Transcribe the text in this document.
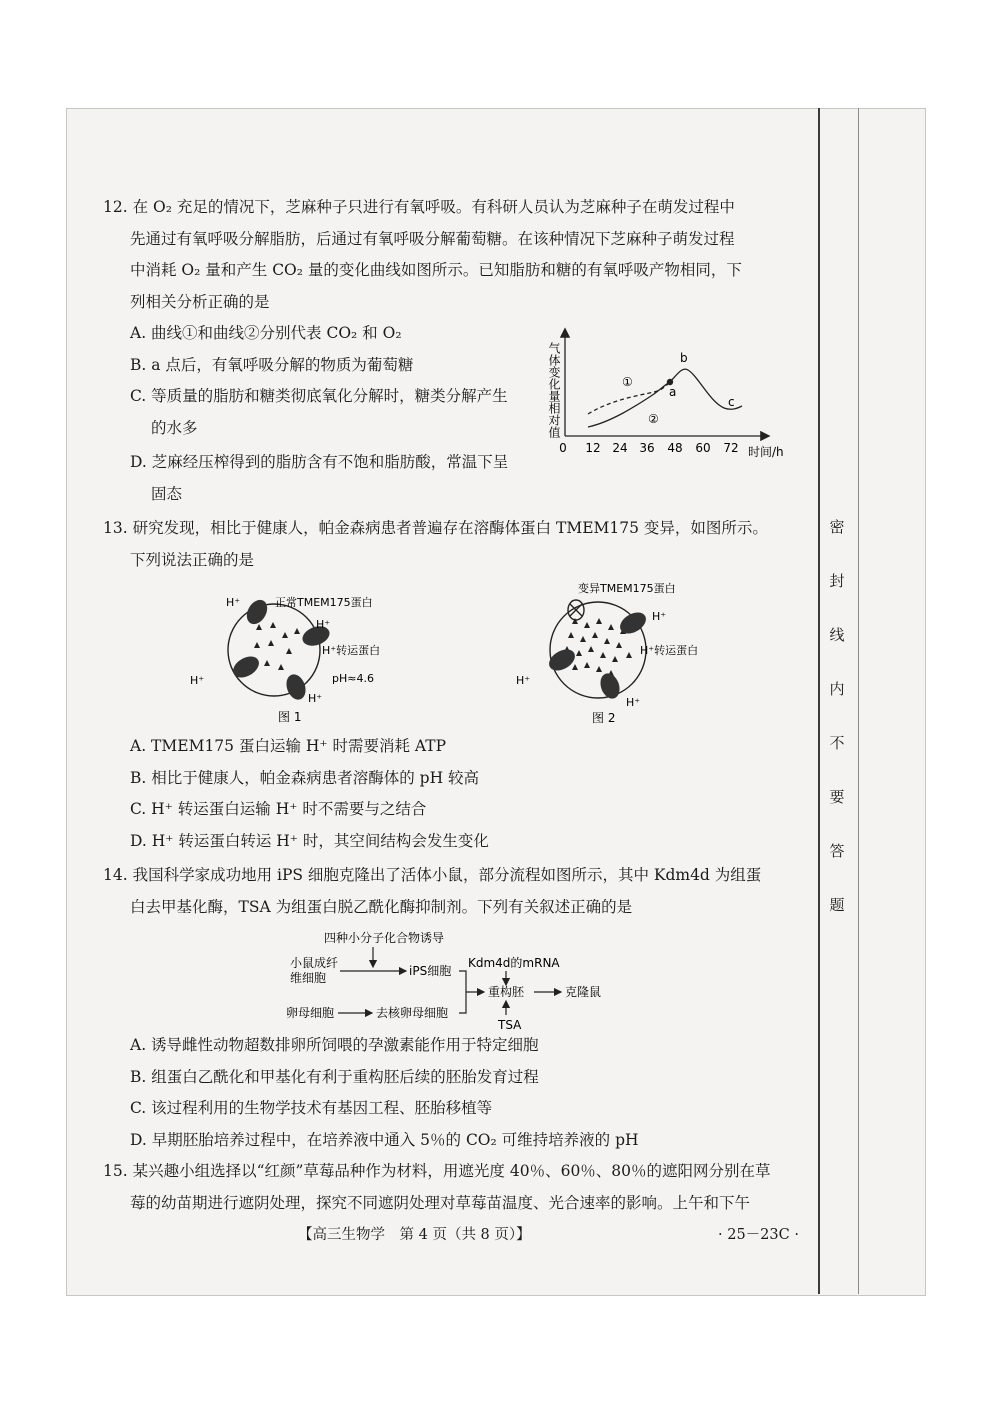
密封线内不要答题

12. 在 O₂ 充足的情况下，芝麻种子只进行有氧呼吸。有科研人员认为芝麻种子在萌发过程中

先通过有氧呼吸分解脂肪，后通过有氧呼吸分解葡萄糖。在该种情况下芝麻种子萌发过程

中消耗 O₂ 量和产生 CO₂ 量的变化曲线如图所示。已知脂肪和糖的有氧呼吸产物相同，下

列相关分析正确的是

A. 曲线①和曲线②分别代表 CO₂ 和 O₂

B. a 点后，有氧呼吸分解的物质为葡萄糖

C. 等质量的脂肪和糖类彻底氧化分解时，糖类分解产生

的水多

D. 芝麻经压榨得到的脂肪含有不饱和脂肪酸，常温下呈

固态

气体变化量相对值
0 12 24 36 48 60 72 时间/h
①
②
a
b
c

13. 研究发现，相比于健康人，帕金森病患者普遍存在溶酶体蛋白 TMEM175 变异，如图所示。

下列说法正确的是

H⁺	正常TMEM175蛋白
H⁺
H⁺转运蛋白
pH≈4.6
H⁺
H⁺
图 1
变异TMEM175蛋白
H⁺
H⁺转运蛋白
H⁺
H⁺
图 2

A. TMEM175 蛋白运输 H⁺ 时需要消耗 ATP

B. 相比于健康人，帕金森病患者溶酶体的 pH 较高

C. H⁺ 转运蛋白运输 H⁺ 时不需要与之结合

D. H⁺ 转运蛋白转运 H⁺ 时，其空间结构会发生变化

14. 我国科学家成功地用 iPS 细胞克隆出了活体小鼠，部分流程如图所示，其中 Kdm4d 为组蛋

白去甲基化酶，TSA 为组蛋白脱乙酰化酶抑制剂。下列有关叙述正确的是

四种小分子化合物诱导
小鼠成纤
维细胞	iPS细胞
Kdm4d的mRNA
重构胚	克隆鼠
TSA
卵母细胞	去核卵母细胞

A. 诱导雌性动物超数排卵所饲喂的孕激素能作用于特定细胞

B. 组蛋白乙酰化和甲基化有利于重构胚后续的胚胎发育过程

C. 该过程利用的生物学技术有基因工程、胚胎移植等

D. 早期胚胎培养过程中，在培养液中通入 5％的 CO₂ 可维持培养液的 pH

15. 某兴趣小组选择以“红颜”草莓品种作为材料，用遮光度 40％、60％、80％的遮阳网分别在草

莓的幼苗期进行遮阴处理，探究不同遮阴处理对草莓苗温度、光合速率的影响。上午和下午

【高三生物学　第 4 页（共 8 页）】	· 25－23C ·
